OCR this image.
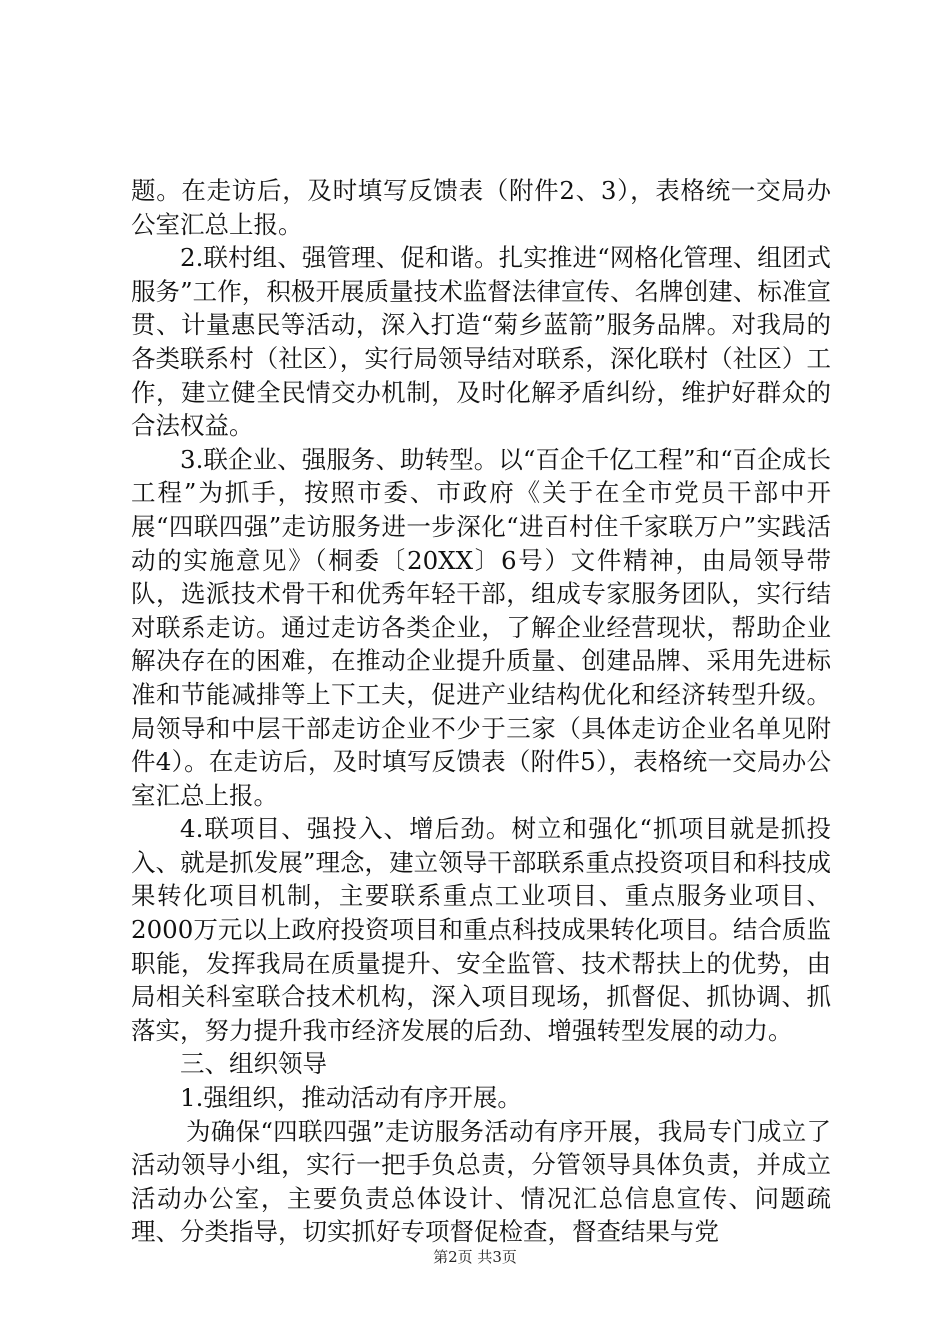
题。在走访后，及时填写反馈表（附件2、3），表格统一交局办公室汇总上报。

2.联村组、强管理、促和谐。扎实推进“网格化管理、组团式服务”工作，积极开展质量技术监督法律宣传、名牌创建、标准宣贯、计量惠民等活动，深入打造“菊乡蓝箭”服务品牌。对我局的各类联系村（社区），实行局领导结对联系，深化联村（社区）工作，建立健全民情交办机制，及时化解矛盾纠纷，维护好群众的合法权益。

3.联企业、强服务、助转型。以“百企千亿工程”和“百企成长工程”为抓手，按照市委、市政府《关于在全市党员干部中开展“四联四强”走访服务进一步深化“进百村住千家联万户”实践活动的实施意见》（桐委〔20XX〕6号）文件精神，由局领导带队，选派技术骨干和优秀年轻干部，组成专家服务团队，实行结对联系走访。通过走访各类企业，了解企业经营现状，帮助企业解决存在的困难，在推动企业提升质量、创建品牌、采用先进标准和节能减排等上下工夫，促进产业结构优化和经济转型升级。局领导和中层干部走访企业不少于三家（具体走访企业名单见附件4）。在走访后，及时填写反馈表（附件5），表格统一交局办公室汇总上报。

4.联项目、强投入、增后劲。树立和强化“抓项目就是抓投入、就是抓发展”理念，建立领导干部联系重点投资项目和科技成果转化项目机制，主要联系重点工业项目、重点服务业项目、2000万元以上政府投资项目和重点科技成果转化项目。结合质监职能，发挥我局在质量提升、安全监管、技术帮扶上的优势，由局相关科室联合技术机构，深入项目现场，抓督促、抓协调、抓落实，努力提升我市经济发展的后劲、增强转型发展的动力。

三、组织领导

1.强组织，推动活动有序开展。

为确保“四联四强”走访服务活动有序开展，我局专门成立了活动领导小组，实行一把手负总责，分管领导具体负责，并成立活动办公室，主要负责总体设计、情况汇总信息宣传、问题疏理、分类指导，切实抓好专项督促检查，督查结果与党

第2页 共3页
